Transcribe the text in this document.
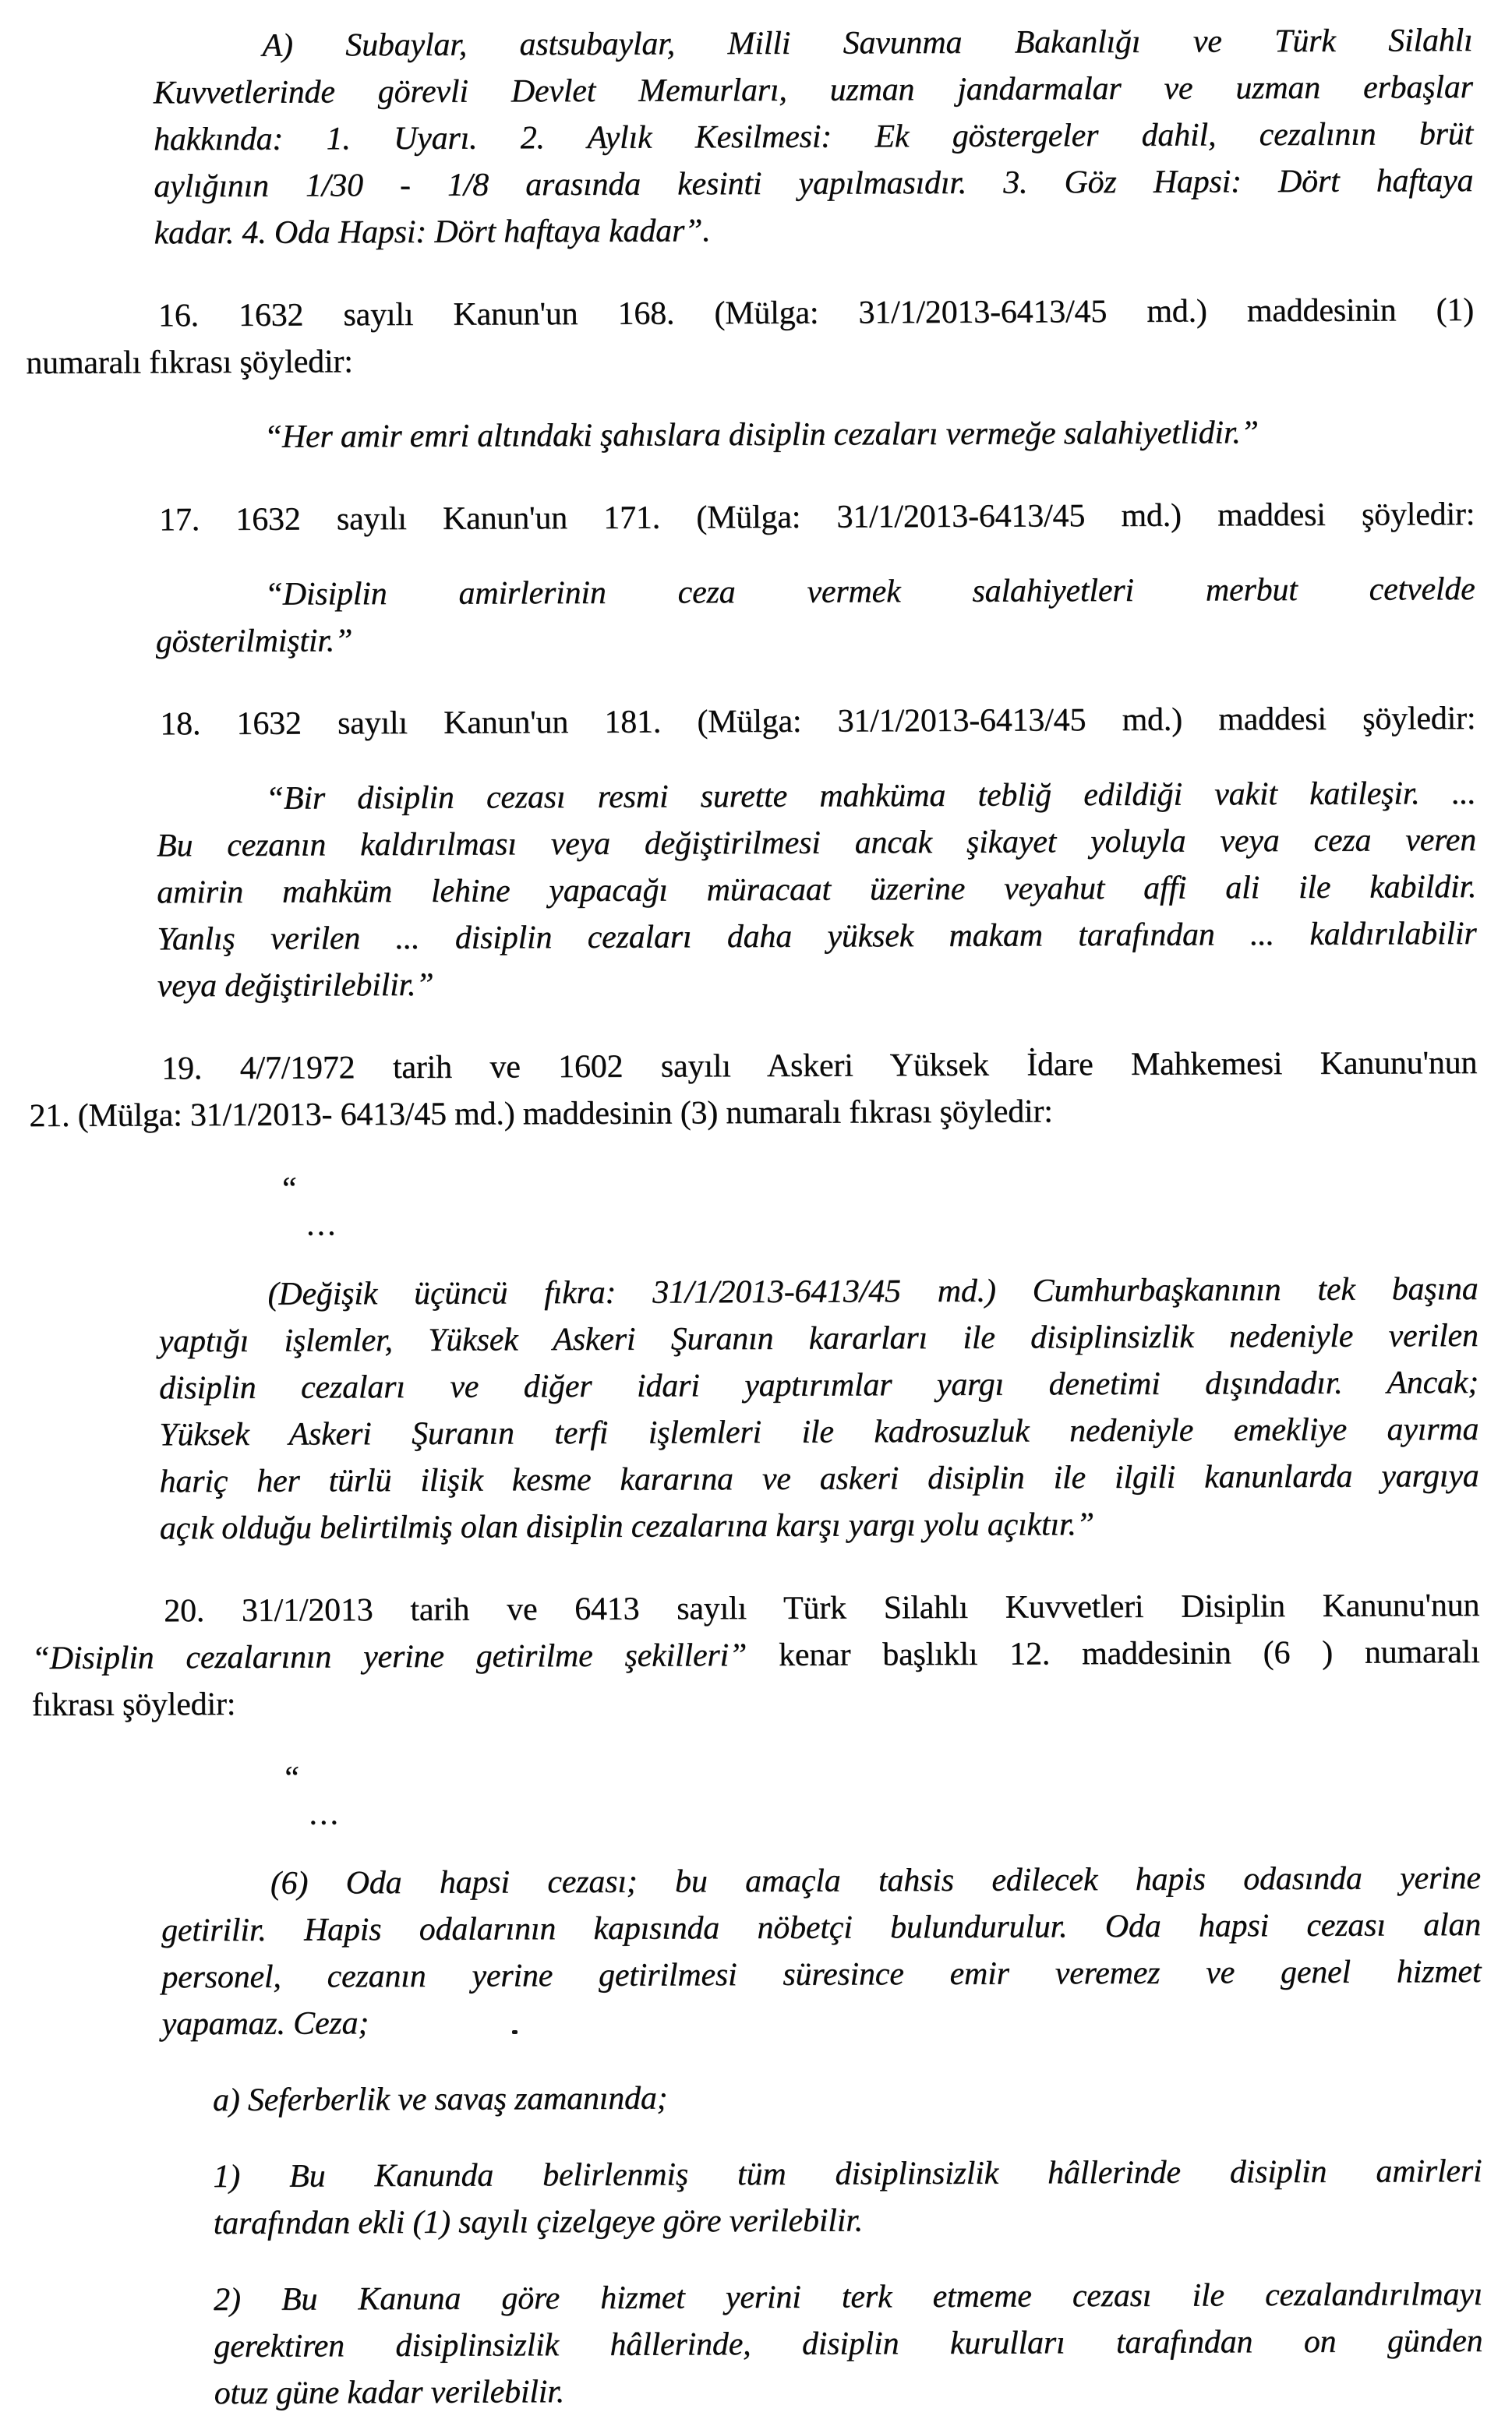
A) Subaylar, astsubaylar, Milli Savunma Bakanlığı ve Türk Silahlı
Kuvvetlerinde görevli Devlet Memurları, uzman jandarmalar ve uzman erbaşlar
hakkında: 1. Uyarı. 2. Aylık Kesilmesi: Ek göstergeler dahil, cezalının brüt
aylığının 1/30 - 1/8 arasında kesinti yapılmasıdır. 3. Göz Hapsi: Dört haftaya
kadar. 4. Oda Hapsi: Dört haftaya kadar”.
16. 1632 sayılı Kanun'un 168. (Mülga: 31/1/2013-6413/45 md.) maddesinin (1)
numaralı fıkrası şöyledir:
“Her amir emri altındaki şahıslara disiplin cezaları vermeğe salahiyetlidir.”
17. 1632 sayılı Kanun'un 171. (Mülga: 31/1/2013-6413/45 md.) maddesi şöyledir:
“Disiplin amirlerinin ceza vermek salahiyetleri merbut cetvelde
gösterilmiştir.”
18. 1632 sayılı Kanun'un 181. (Mülga: 31/1/2013-6413/45 md.) maddesi şöyledir:
“Bir disiplin cezası resmi surette mahküma tebliğ edildiği vakit katileşir. ...
Bu cezanın kaldırılması veya değiştirilmesi ancak şikayet yoluyla veya ceza veren
amirin mahküm lehine yapacağı müracaat üzerine veyahut affi ali ile kabildir.
Yanlış verilen ... disiplin cezaları daha yüksek makam tarafından ... kaldırılabilir
veya değiştirilebilir.”
19. 4/7/1972 tarih ve 1602 sayılı Askeri Yüksek İdare Mahkemesi Kanunu'nun
21. (Mülga: 31/1/2013- 6413/45 md.) maddesinin (3) numaralı fıkrası şöyledir:
“
...
(Değişik üçüncü fıkra: 31/1/2013-6413/45 md.) Cumhurbaşkanının tek başına
yaptığı işlemler, Yüksek Askeri Şuranın kararları ile disiplinsizlik nedeniyle verilen
disiplin cezaları ve diğer idari yaptırımlar yargı denetimi dışındadır. Ancak;
Yüksek Askeri Şuranın terfi işlemleri ile kadrosuzluk nedeniyle emekliye ayırma
hariç her türlü ilişik kesme kararına ve askeri disiplin ile ilgili kanunlarda yargıya
açık olduğu belirtilmiş olan disiplin cezalarına karşı yargı yolu açıktır.”
20. 31/1/2013 tarih ve 6413 sayılı Türk Silahlı Kuvvetleri Disiplin Kanunu'nun
“Disiplin cezalarının yerine getirilme şekilleri” kenar başlıklı 12. maddesinin (6 ) numaralı
fıkrası şöyledir:
“
...
(6) Oda hapsi cezası; bu amaçla tahsis edilecek hapis odasında yerine
getirilir. Hapis odalarının kapısında nöbetçi bulundurulur. Oda hapsi cezası alan
personel, cezanın yerine getirilmesi süresince emir veremez ve genel hizmet
yapamaz. Ceza;
a) Seferberlik ve savaş zamanında;
1) Bu Kanunda belirlenmiş tüm disiplinsizlik hâllerinde disiplin amirleri
tarafından ekli (1) sayılı çizelgeye göre verilebilir.
2) Bu Kanuna göre hizmet yerini terk etmeme cezası ile cezalandırılmayı
gerektiren disiplinsizlik hâllerinde, disiplin kurulları tarafından on günden
otuz güne kadar verilebilir.
